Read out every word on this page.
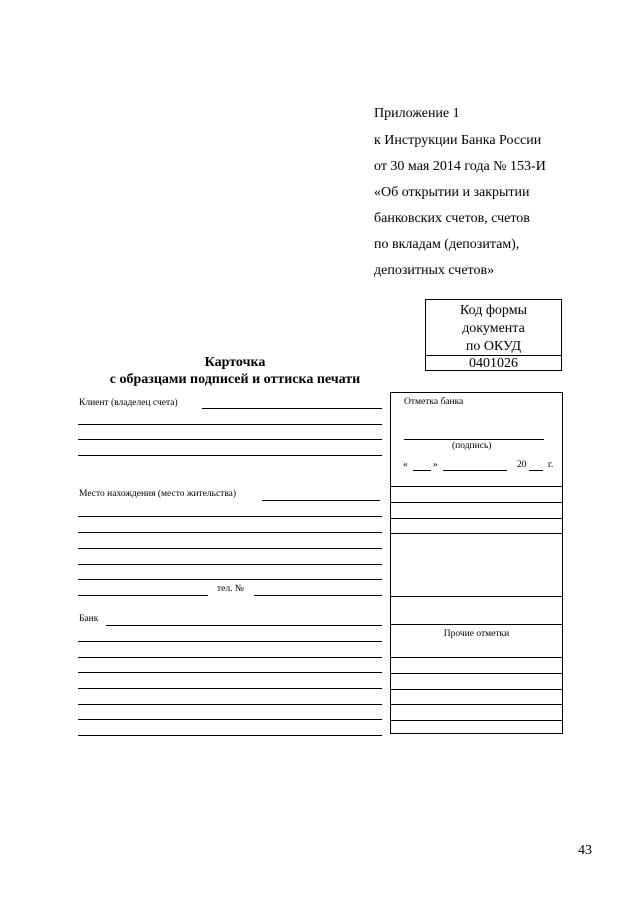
Приложение 1
к Инструкции Банка России
от 30 мая 2014 года № 153-И
«Об открытии и закрытии
банковских счетов, счетов
по вкладам (депозитам),
депозитных счетов»
Код формы
документа
по ОКУД
0401026
Карточка
с образцами подписей и оттиска печати
Клиент (владелец счета)
Место нахождения (место жительства)
тел. №
Банк
Отметка банка
(подпись)
«	»	20 г.
Прочие отметки
43
